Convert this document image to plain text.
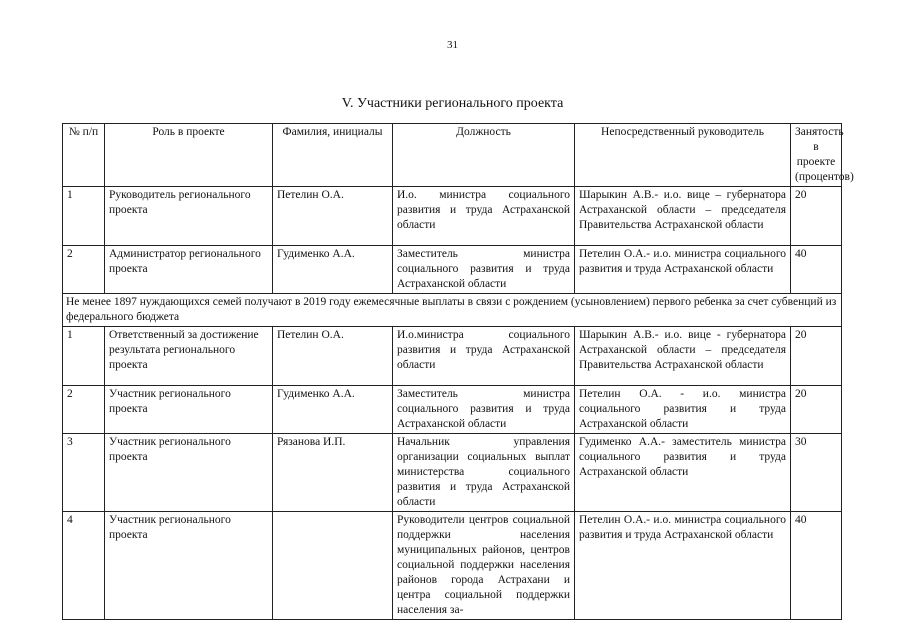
31
V. Участники регионального проекта
№ п/п	Роль в проекте	Фамилия, инициалы	Должность	Непосредственный руководитель	Занятость в проекте (процентов)
1	Руководитель регионального проекта	Петелин О.А.	И.о. министра социального развития и труда Астраханской области	Шарыкин А.В.- и.о. вице – губернатора Астраханской области – председателя Правительства Астраханской области	20
2	Администратор регионального проекта	Гудименко А.А.	Заместитель министра социального развития и труда Астраханской области	Петелин О.А.- и.о. министра социального развития и труда Астраханской области	40
Не менее 1897 нуждающихся семей получают в 2019 году ежемесячные выплаты в связи с рождением (усыновлением) первого ребенка за счет субвенций из федерального бюджета					
1	Ответственный за достижение результата регионального проекта	Петелин О.А.	И.о.министра социального развития и труда Астраханской области	Шарыкин А.В.- и.о. вице - губернатора Астраханской области – председателя Правительства Астраханской области	20
2	Участник регионального проекта	Гудименко А.А.	Заместитель министра социального развития и труда Астраханской области	Петелин О.А. - и.о. министра социального развития и труда Астраханской области	20
3	Участник регионального проекта	Рязанова И.П.	Начальник управления организации социальных выплат министерства социального развития и труда Астраханской области	Гудименко А.А.- заместитель министра социального развития и труда Астраханской области	30
4	Участник регионального проекта		Руководители центров социальной поддержки населения муниципальных районов, центров социальной поддержки населения районов города Астрахани и центра социальной поддержки населения за-	Петелин О.А.- и.о. министра социального развития и труда Астраханской области	40
